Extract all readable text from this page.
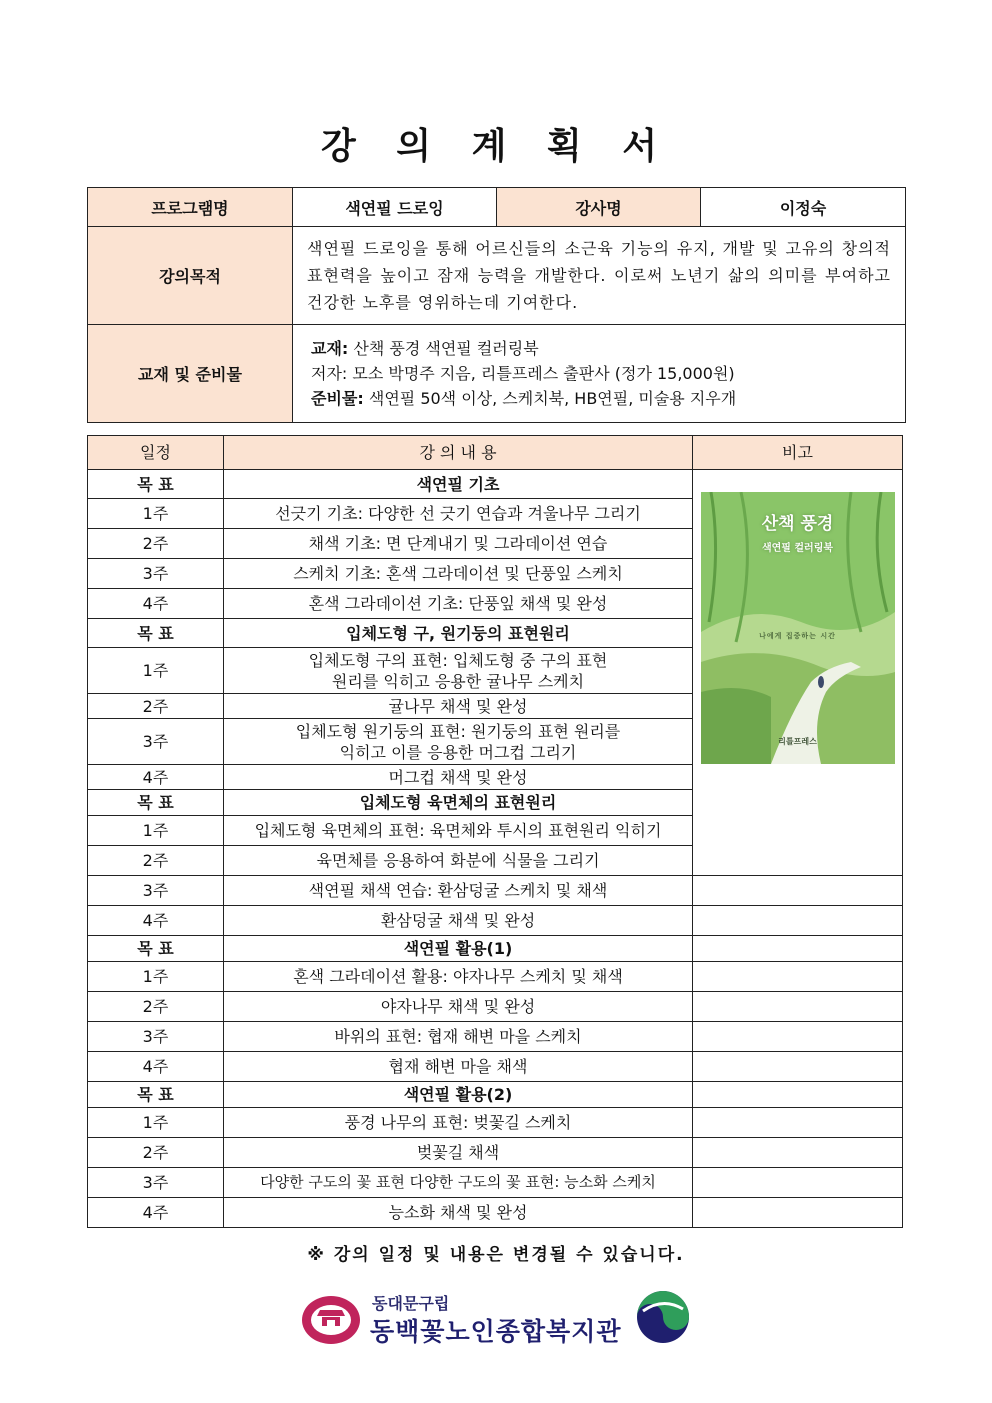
강 의 계 획 서
프로그램명	색연필 드로잉	강사명	이정숙
강의목적	색연필 드로잉을 통해 어르신들의 소근육 기능의 유지, 개발 및 고유의 창의적 표현력을 높이고 잠재 능력을 개발한다. 이로써 노년기 삶의 의미를 부여하고 건강한 노후를 영위하는데 기여한다.		
교재 및 준비물	교재: 산책 풍경 색연필 컬러링북
저자: 모소 박명주 지음, 리틀프레스 출판사 (정가 15,000원)
준비물: 색연필 50색 이상, 스케치북, HB연필, 미술용 지우개		
일정	강 의 내 용	비고
목 표	색연필 기초	산책 풍경
색연필 컬러링북
나에게 집중하는 시간
리틀프레스

1주	선긋기 기초: 다양한 선 긋기 연습과 겨울나무 그리기	
2주	채색 기초: 면 단계내기 및 그라데이션 연습	
3주	스케치 기초: 혼색 그라데이션 및 단풍잎 스케치	
4주	혼색 그라데이션 기초: 단풍잎 채색 및 완성	
목 표	입체도형 구, 원기둥의 표현원리	
1주	입체도형 구의 표현: 입체도형 중 구의 표현
원리를 익히고 응용한 귤나무 스케치	

2주	귤나무 채색 및 완성	
3주	입체도형 원기둥의 표현: 원기둥의 표현 원리를
익히고 이를 응용한 머그컵 그리기	

4주	머그컵 채색 및 완성	
목 표	입체도형 육면체의 표현원리	
1주	입체도형 육면체의 표현: 육면체와 투시의 표현원리 익히기	
2주	육면체를 응용하여 화분에 식물을 그리기	
3주	색연필 채색 연습: 환삼덩굴 스케치 및 채색	
4주	환삼덩굴 채색 및 완성	
목 표	색연필 활용(1)	
1주	혼색 그라데이션 활용: 야자나무 스케치 및 채색	
2주	야자나무 채색 및 완성	
3주	바위의 표현: 협재 해변 마을 스케치	
4주	협재 해변 마을 채색	
목 표	색연필 활용(2)	
1주	풍경 나무의 표현: 벚꽃길 스케치	
2주	벚꽃길 채색	
3주	다양한 구도의 꽃 표현 다양한 구도의 꽃 표현: 능소화 스케치	
4주	능소화 채색 및 완성	
※ 강의 일정 및 내용은 변경될 수 있습니다.
동대문구립
동백꽃노인종합복지관
